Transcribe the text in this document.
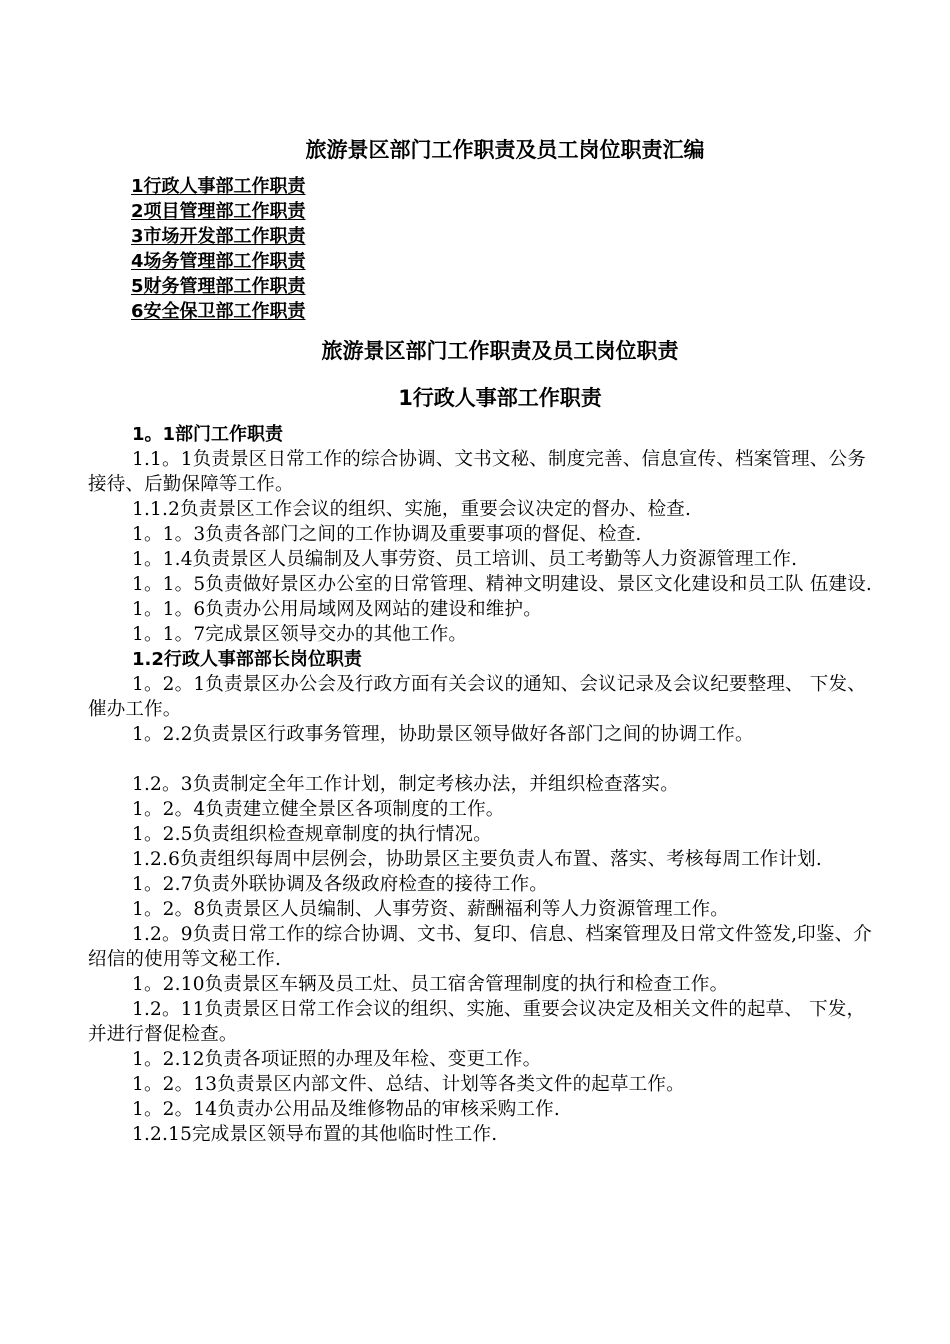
旅游景区部门工作职责及员工岗位职责汇编
1行政人事部工作职责
2项目管理部工作职责
3市场开发部工作职责
4场务管理部工作职责
5财务管理部工作职责
6安全保卫部工作职责
旅游景区部门工作职责及员工岗位职责
1行政人事部工作职责

1。1部门工作职责

1.1。1负责景区日常工作的综合协调、文书文秘、制度完善、信息宣传、档案管理、公务接待、后勤保障等工作。

1.1.2负责景区工作会议的组织、实施，重要会议决定的督办、检查.

1。1。3负责各部门之间的工作协调及重要事项的督促、检查.

1。1.4负责景区人员编制及人事劳资、员工培训、员工考勤等人力资源管理工作.

1。1。5负责做好景区办公室的日常管理、精神文明建设、景区文化建设和员工队 伍建设.

1。1。6负责办公用局域网及网站的建设和维护。

1。1。7完成景区领导交办的其他工作。

1.2行政人事部部长岗位职责

1。2。1负责景区办公会及行政方面有关会议的通知、会议记录及会议纪要整理、 下发、催办工作。

1。2.2负责景区行政事务管理，协助景区领导做好各部门之间的协调工作。

1.2。3负责制定全年工作计划，制定考核办法，并组织检查落实。

1。2。4负责建立健全景区各项制度的工作。

1。2.5负责组织检查规章制度的执行情况。

1.2.6负责组织每周中层例会，协助景区主要负责人布置、落实、考核每周工作计划.

1。2.7负责外联协调及各级政府检查的接待工作。

1。2。8负责景区人员编制、人事劳资、薪酬福利等人力资源管理工作。

1.2。9负责日常工作的综合协调、文书、复印、信息、档案管理及日常文件签发,印鉴、介绍信的使用等文秘工作.

1。2.10负责景区车辆及员工灶、员工宿舍管理制度的执行和检查工作。

1.2。11负责景区日常工作会议的组织、实施、重要会议决定及相关文件的起草、 下发，并进行督促检查。

1。2.12负责各项证照的办理及年检、变更工作。

1。2。13负责景区内部文件、总结、计划等各类文件的起草工作。

1。2。14负责办公用品及维修物品的审核采购工作.

1.2.15完成景区领导布置的其他临时性工作.
